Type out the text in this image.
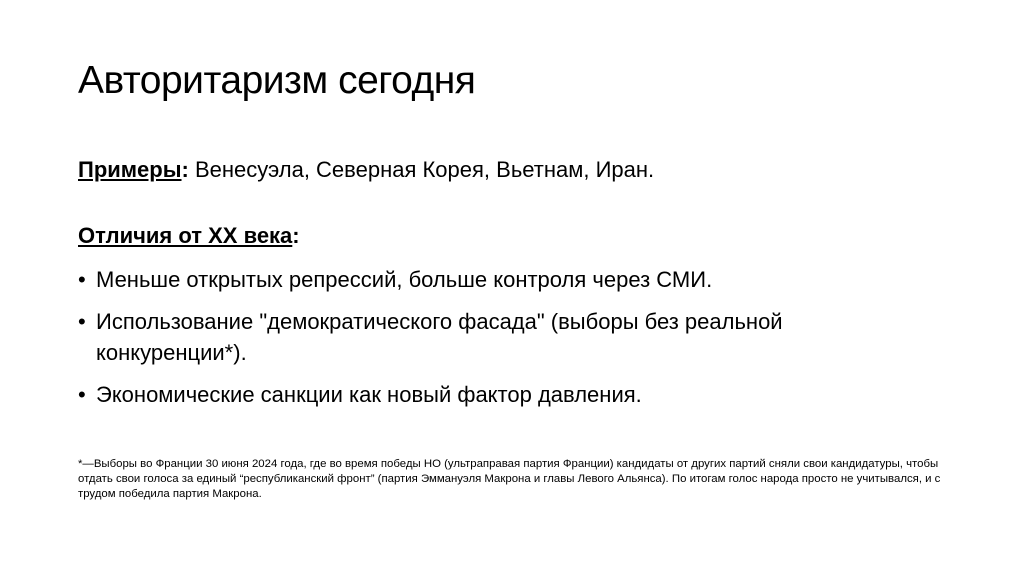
Авторитаризм сегодня

Примеры: Венесуэла, Северная Корея, Вьетнам, Иран.

Отличия от XX века:

• Меньше открытых репрессий, больше контроля через СМИ.
• Использование "демократического фасада" (выборы без реальной конкуренции*).
• Экономические санкции как новый фактор давления.

*—Выборы во Франции 30 июня 2024 года, где во время победы НО (ультраправая партия Франции) кандидаты от других партий сняли свои кандидатуры, чтобы отдать свои голоса за единый “республиканский фронт” (партия Эммануэля Макрона и главы Левого Альянса). По итогам голос народа просто не учитывался, и с трудом победила партия Макрона.
